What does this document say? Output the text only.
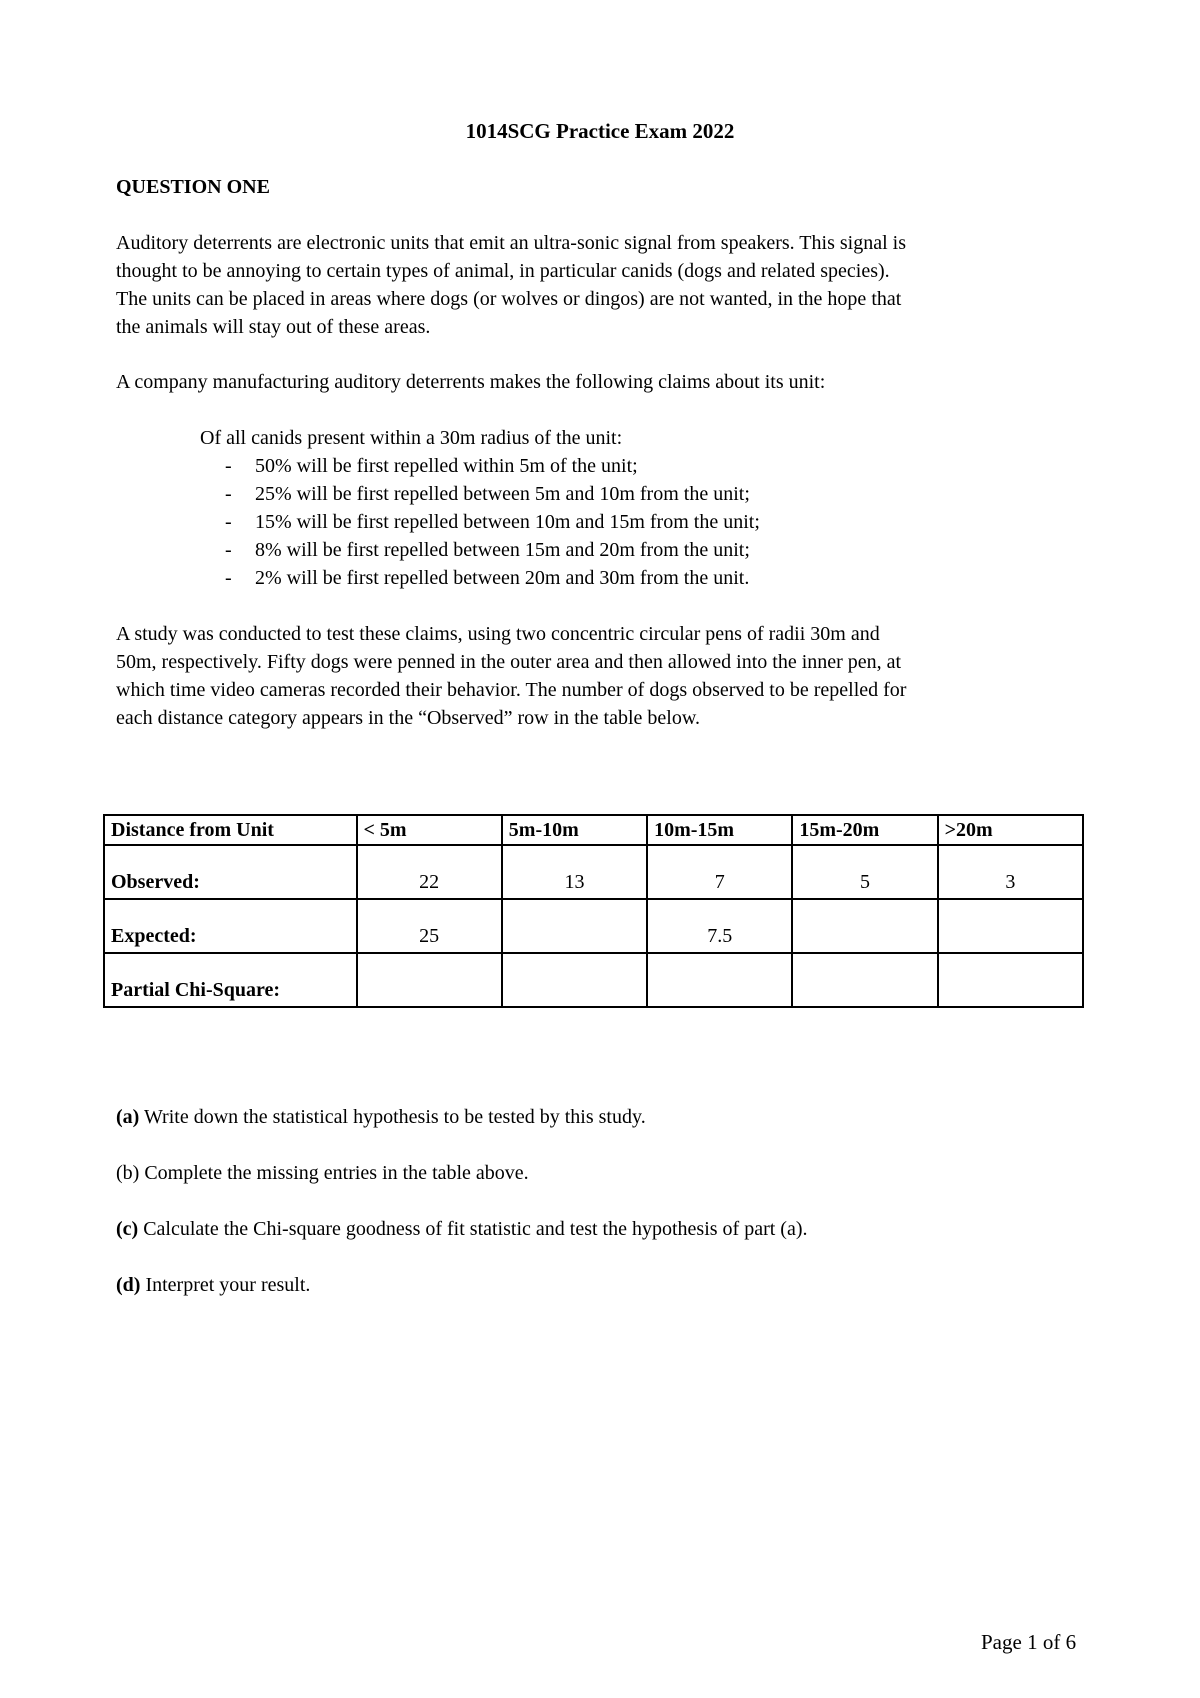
1014SCG Practice Exam 2022
QUESTION ONE

Auditory deterrents are electronic units that emit an ultra-sonic signal from speakers. This signal is
thought to be annoying to certain types of animal, in particular canids (dogs and related species).
The units can be placed in areas where dogs (or wolves or dingos) are not wanted, in the hope that
the animals will stay out of these areas.

A company manufacturing auditory deterrents makes the following claims about its unit:

Of all canids present within a 30m radius of the unit:
- 50% will be first repelled within 5m of the unit;
- 25% will be first repelled between 5m and 10m from the unit;
- 15% will be first repelled between 10m and 15m from the unit;
- 8% will be first repelled between 15m and 20m from the unit;
- 2% will be first repelled between 20m and 30m from the unit.

A study was conducted to test these claims, using two concentric circular pens of radii 30m and
50m, respectively. Fifty dogs were penned in the outer area and then allowed into the inner pen, at
which time video cameras recorded their behavior. The number of dogs observed to be repelled for
each distance category appears in the “Observed” row in the table below.

Distance from Unit	< 5m	5m-10m	10m-15m	15m-20m	>20m
Observed:	22	13	7	5	3
Expected:	25		7.5		
Partial Chi-Square:					
(a) Write down the statistical hypothesis to be tested by this study.
(b) Complete the missing entries in the table above.
(c) Calculate the Chi-square goodness of fit statistic and test the hypothesis of part (a).
(d) Interpret your result.
Page 1 of 6
